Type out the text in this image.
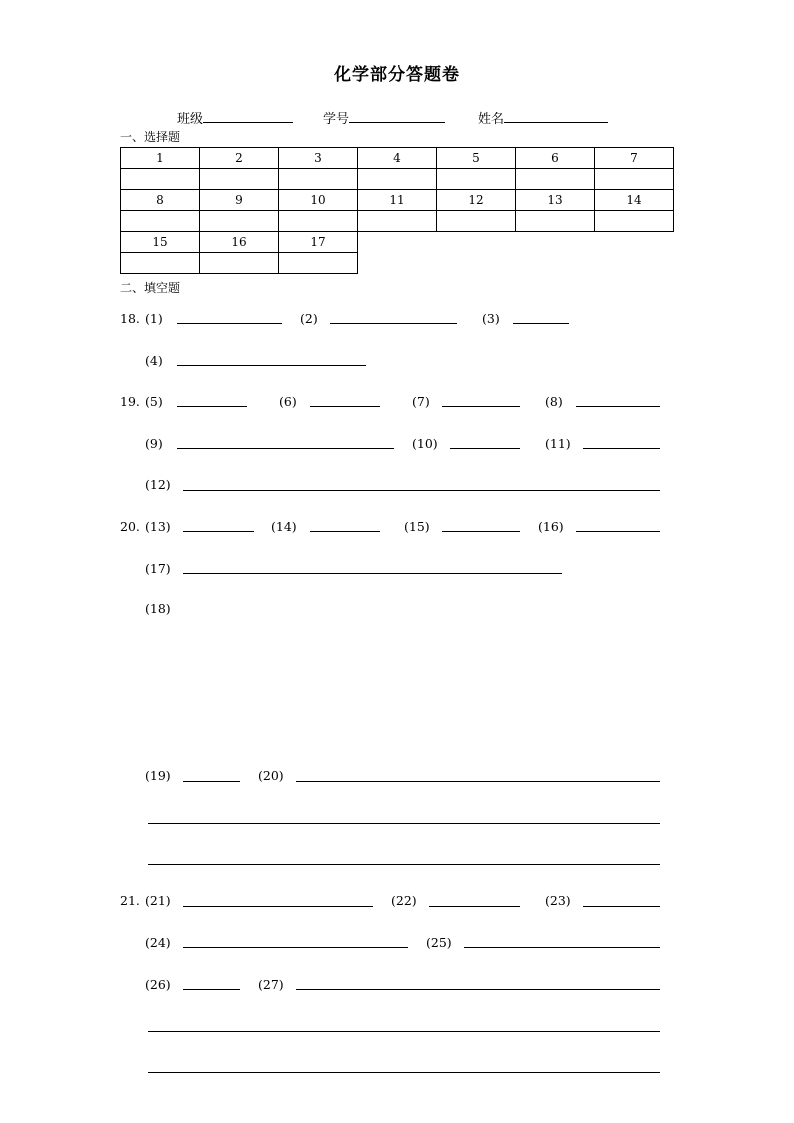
化学部分答题卷
班级	学号	姓名
一、选择题
1	2	3	4	5	6	7

8	9	10	11	12	13	14

15	16	17				

二、填空题
18. (1)	(2)	(3)
(4)
19. (5)	(6)	(7)	(8)
(9)	(10)	(11)
(12)
20. (13)	(14)	(15)	(16)
(17)
(18)
(19)	(20)
21. (21)	(22)	(23)
(24)	(25)
(26)	(27)
